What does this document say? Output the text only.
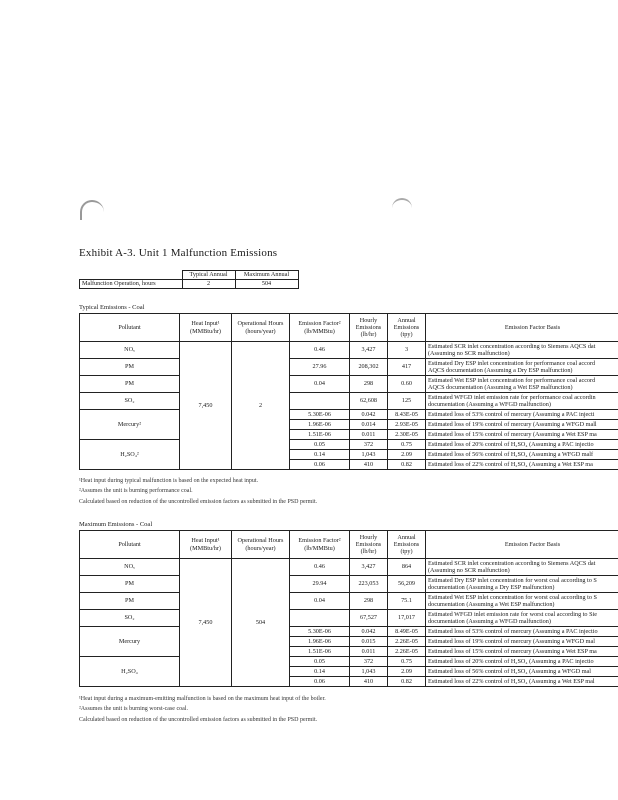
Exhibit A-3. Unit 1 Malfunction Emissions
	Typical Annual	Maximum Annual
Malfunction Operation, hours	2	504
Typical Emissions - Coal
Pollutant	Heat Input¹ (MMBtu/hr)	Operational Hours (hours/year)	Emission Factor² (lb/MMBtu)	Hourly Emissions (lb/hr)	Annual Emissions (tpy)	Emission Factor Basis
NOₓ	7,450	2	0.46	3,427	3	Estimated SCR inlet concentration according to Siemens AQCS dat
(Assuming no SCR malfunction)
PM			27.96	208,302	417	Estimated Dry ESP inlet concentration for performance coal accord
AQCS documentation (Assuming a Dry ESP malfunction)
PM			0.04	298	0.60	Estimated Wet ESP inlet concentration for performance coal accord
AQCS documentation (Assuming a Wet ESP malfunction)
SO₂				62,608	125	Estimated WFGD inlet emission rate for performance coal accordin
documentation (Assuming a WFGD malfunction)
Mercury²			5.30E-06	0.042	8.43E-05	Estimated loss of 53% control of mercury (Assuming a PAC injecti
			1.96E-06	0.014	2.93E-05	Estimated loss of 19% control of mercury (Assuming a WFGD mall
			1.51E-06	0.011	2.30E-05	Estimated loss of 15% control of mercury (Assuming a Wet ESP ma
H₂SO₄²			0.05	372	0.75	Estimated loss of 20% control of H₂SO₄ (Assuming a PAC injectio
			0.14	1,043	2.09	Estimated loss of 56% control of H₂SO₄ (Assuming a WFGD malf
			0.06	410	0.82	Estimated loss of 22% control of H₂SO₄ (Assuming a Wet ESP ma
¹Heat input during typical malfunction is based on the expected heat input.
²Assumes the unit is burning performance coal.
Calculated based on reduction of the uncontrolled emission factors as submitted in the PSD permit.
Maximum Emissions - Coal
Pollutant	Heat Input¹ (MMBtu/hr)	Operational Hours (hours/year)	Emission Factor² (lb/MMBtu)	Hourly Emissions (lb/hr)	Annual Emissions (tpy)	Emission Factor Basis
NOₓ	7,450	504	0.46	3,427	864	Estimated SCR inlet concentration according to Siemens AQCS dat
(Assuming no SCR malfunction)
PM			29.94	223,053	56,209	Estimated Dry ESP inlet concentration for worst coal according to S
documentation (Assuming a Dry ESP malfunction)
PM			0.04	298	75.1	Estimated Wet ESP inlet concentration for worst coal according to S
documentation (Assuming a Wet ESP malfunction)
SO₂				67,527	17,017	Estimated WFGD inlet emission rate for worst coal according to Sie
documentation (Assuming a WFGD malfunction)
Mercury			5.30E-06	0.042	8.49E-05	Estimated loss of 53% control of mercury (Assuming a PAC injectio
			1.96E-06	0.015	2.26E-05	Estimated loss of 19% control of mercury (Assuming a WFGD mal
			1.51E-06	0.011	2.26E-05	Estimated loss of 15% control of mercury (Assuming a Wet ESP ma
H₂SO₄			0.05	372	0.75	Estimated loss of 20% control of H₂SO₄ (Assuming a PAC injectio
			0.14	1,043	2.09	Estimated loss of 56% control of H₂SO₄ (Assuming a WFGD mal
			0.06	410	0.82	Estimated loss of 22% control of H₂SO₄ (Assuming a Wet ESP mal
¹Heat input during a maximum-emitting malfunction is based on the maximum heat input of the boiler.
²Assumes the unit is burning worst-case coal.
Calculated based on reduction of the uncontrolled emission factors as submitted in the PSD permit.
